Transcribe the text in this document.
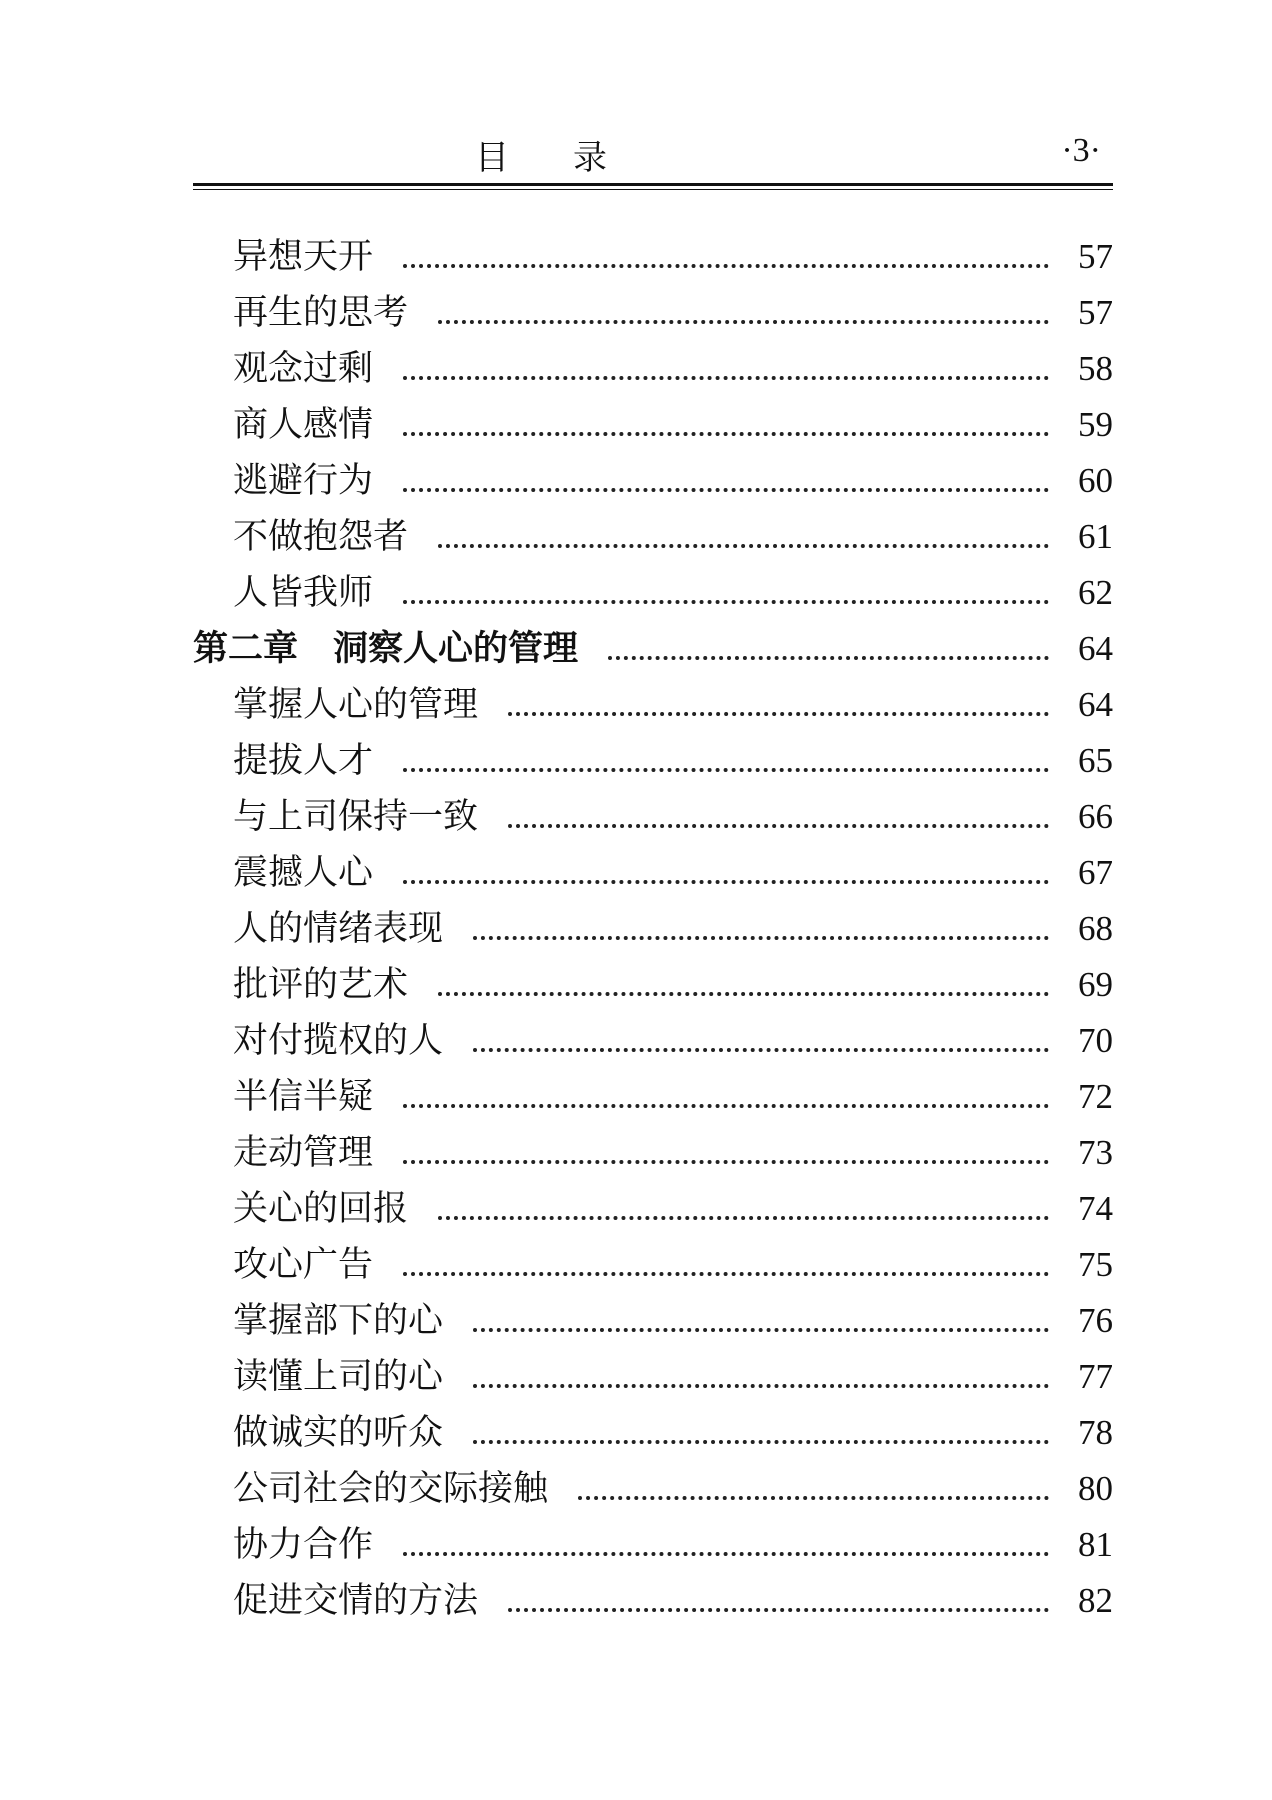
目录	·3·
异想天开	57
再生的思考	57
观念过剩	58
商人感情	59
逃避行为	60
不做抱怨者	61
人皆我师	62
第二章　洞察人心的管理	64
掌握人心的管理	64
提拔人才	65
与上司保持一致	66
震撼人心	67
人的情绪表现	68
批评的艺术	69
对付揽权的人	70
半信半疑	72
走动管理	73
关心的回报	74
攻心广告	75
掌握部下的心	76
读懂上司的心	77
做诚实的听众	78
公司社会的交际接触	80
协力合作	81
促进交情的方法	82
